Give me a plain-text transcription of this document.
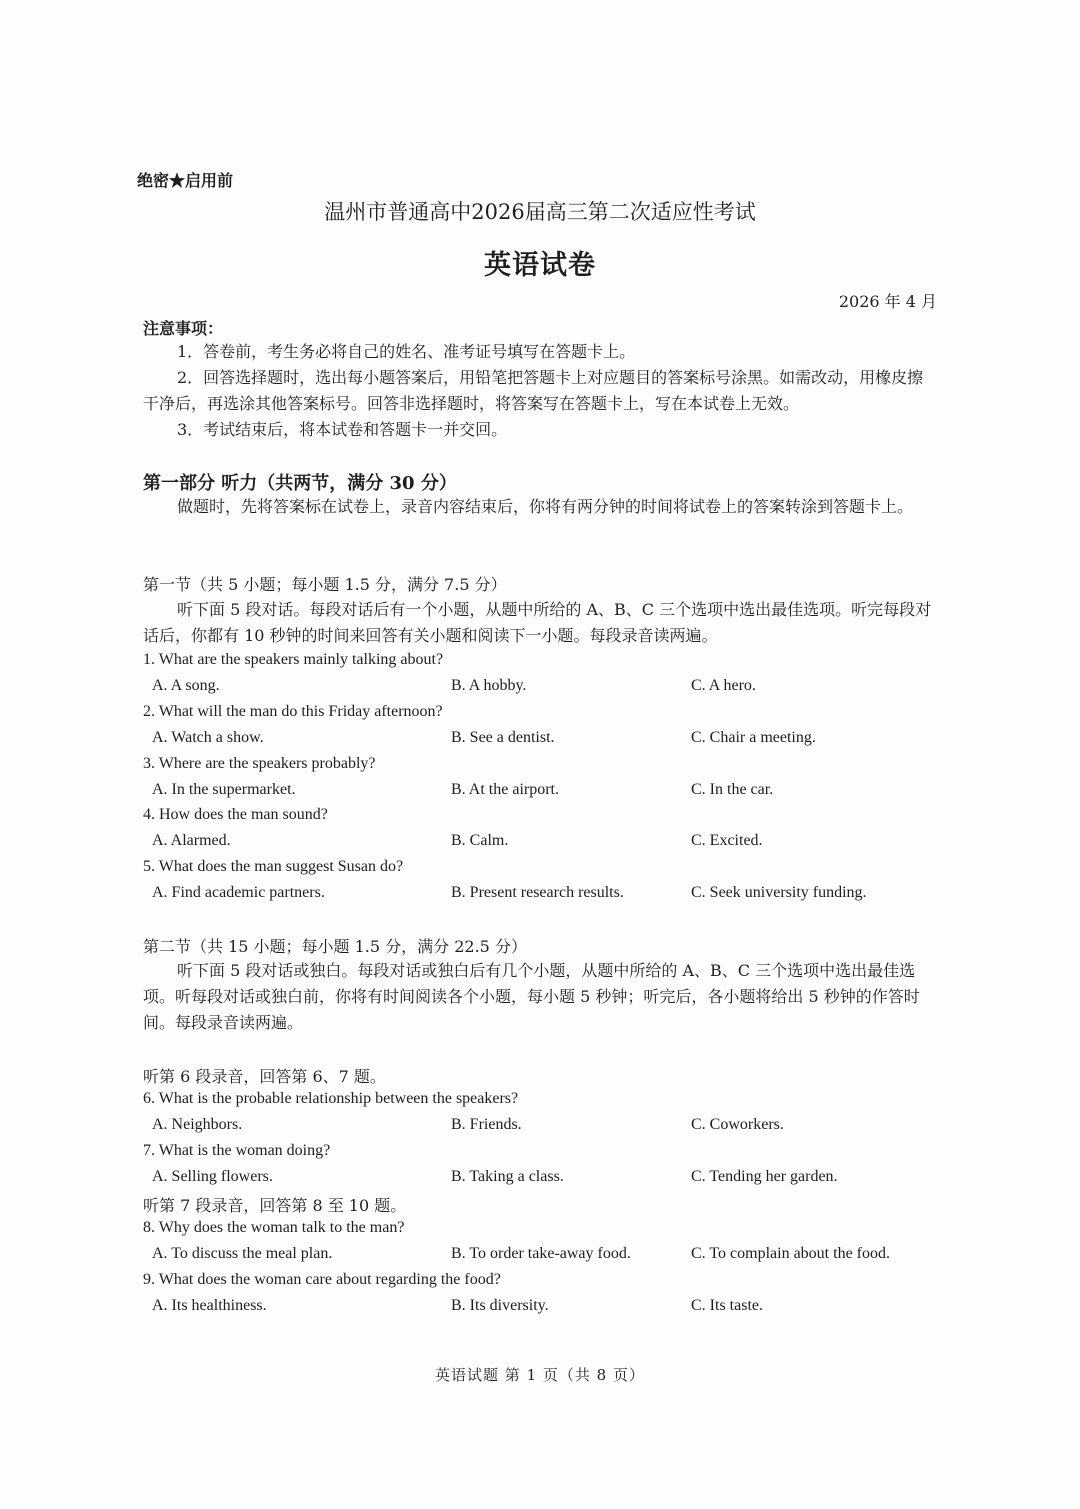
绝密★启用前
温州市普通高中2026届高三第二次适应性考试
英语试卷
2026 年 4 月
注意事项：
1．答卷前，考生务必将自己的姓名、准考证号填写在答题卡上。
2．回答选择题时，选出每小题答案后，用铅笔把答题卡上对应题目的答案标号涂黑。如需改动，用橡皮擦干净后，再选涂其他答案标号。回答非选择题时，将答案写在答题卡上，写在本试卷上无效。
3．考试结束后，将本试卷和答题卡一并交回。
第一部分 听力（共两节，满分 30 分）
做题时，先将答案标在试卷上，录音内容结束后，你将有两分钟的时间将试卷上的答案转涂到答题卡上。
第一节（共 5 小题；每小题 1.5 分，满分 7.5 分）
听下面 5 段对话。每段对话后有一个小题，从题中所给的 A、B、C 三个选项中选出最佳选项。听完每段对话后，你都有 10 秒钟的时间来回答有关小题和阅读下一小题。每段录音读两遍。
1. What are the speakers mainly talking about?
A. A song.	B. A hobby.	C. A hero.
2. What will the man do this Friday afternoon?
A. Watch a show.	B. See a dentist.	C. Chair a meeting.
3. Where are the speakers probably?
A. In the supermarket.	B. At the airport.	C. In the car.
4. How does the man sound?
A. Alarmed.	B. Calm.	C. Excited.
5. What does the man suggest Susan do?
A. Find academic partners.	B. Present research results.	C. Seek university funding.
第二节（共 15 小题；每小题 1.5 分，满分 22.5 分）
听下面 5 段对话或独白。每段对话或独白后有几个小题，从题中所给的 A、B、C 三个选项中选出最佳选项。听每段对话或独白前，你将有时间阅读各个小题，每小题 5 秒钟；听完后，各小题将给出 5 秒钟的作答时间。每段录音读两遍。
听第 6 段录音，回答第 6、7 题。
6. What is the probable relationship between the speakers?
A. Neighbors.	B. Friends.	C. Coworkers.
7. What is the woman doing?
A. Selling flowers.	B. Taking a class.	C. Tending her garden.
听第 7 段录音，回答第 8 至 10 题。
8. Why does the woman talk to the man?
A. To discuss the meal plan.	B. To order take-away food.	C. To complain about the food.
9. What does the woman care about regarding the food?
A. Its healthiness.	B. Its diversity.	C. Its taste.
英语试题 第 1 页（共 8 页）
